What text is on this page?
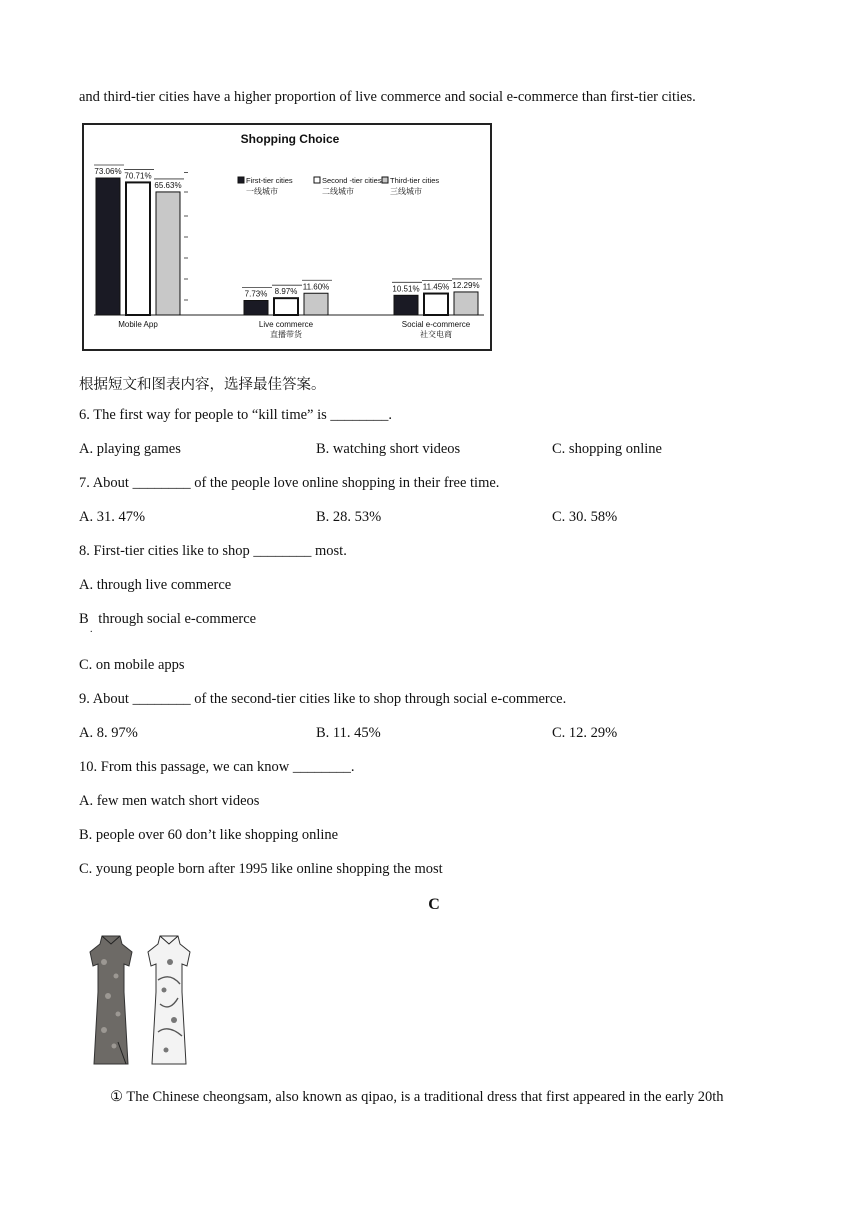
and third-tier cities have a higher proportion of live commerce and social e-commerce than first-tier cities.
Shopping Choice
73.06% 70.71%
65.63%
Mobile App
7.73% 8.97%
11.60%
Live commerce
直播带货
10.51% 11.45% 12.29%
Social e-commerce
社交电商
First-tier cities
一线城市
Second -tier cities
二线城市
Third-tier cities
三线城市
根据短文和图表内容，选择最佳答案。
6. The first way for people to “kill time” is ________.
A. playing games	B. watching short videos	C. shopping online
7. About ________ of the people love online shopping in their free time.
A. 31. 47%	B. 28. 53%	C. 30. 58%
8. First-tier cities like to shop ________ most.
A. through live commerce
B through social e-commerce
.
C. on mobile apps
9. About ________ of the second-tier cities like to shop through social e-commerce.
A. 8. 97%	B. 11. 45%	C. 12. 29%
10. From this passage, we can know ________.
A. few men watch short videos
B. people over 60 don’t like shopping online
C. young people born after 1995 like online shopping the most
C
① The Chinese cheongsam, also known as qipao, is a traditional dress that first appeared in the early 20th
